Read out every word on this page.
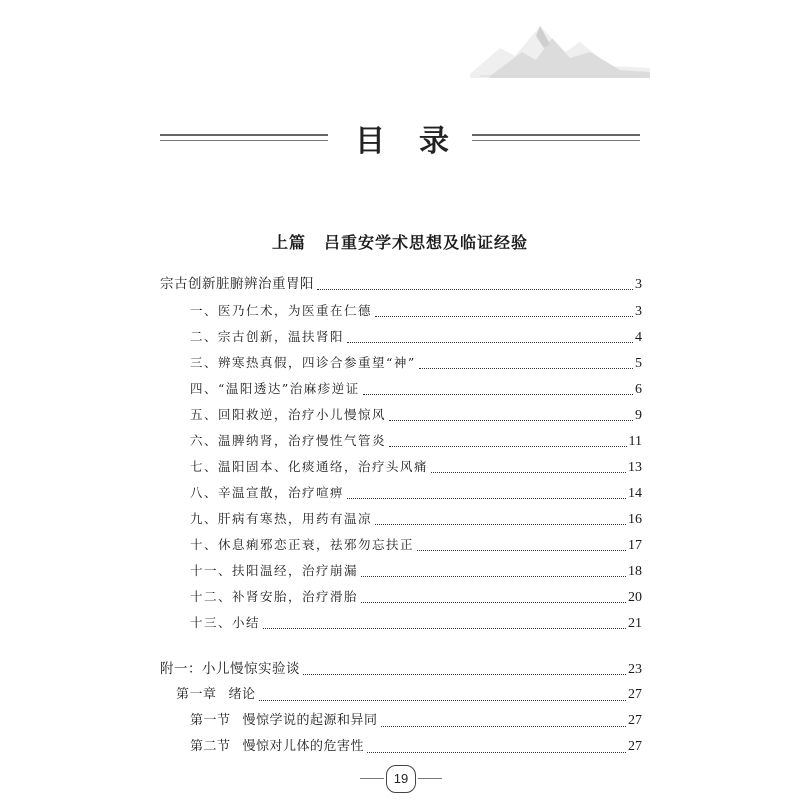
目 录
上篇 吕重安学术思想及临证经验
宗古创新脏腑辨治重胃阳	3
一、医乃仁术，为医重在仁德	3
二、宗古创新，温扶肾阳	4
三、辨寒热真假，四诊合参重望“神”	5
四、“温阳透达”治麻疹逆证	6
五、回阳救逆，治疗小儿慢惊风	9
六、温脾纳肾，治疗慢性气管炎	11
七、温阳固本、化痰通络，治疗头风痛	13
八、辛温宣散，治疗喧痹	14
九、肝病有寒热，用药有温凉	16
十、休息痢邪恋正衰，祛邪勿忘扶正	17
十一、扶阳温经，治疗崩漏	18
十二、补肾安胎，治疗滑胎	20
十三、小结	21
附一：小儿慢惊实验谈	23
第一章 绪论	27
第一节 慢惊学说的起源和异同	27
第二节 慢惊对儿体的危害性	27
19
